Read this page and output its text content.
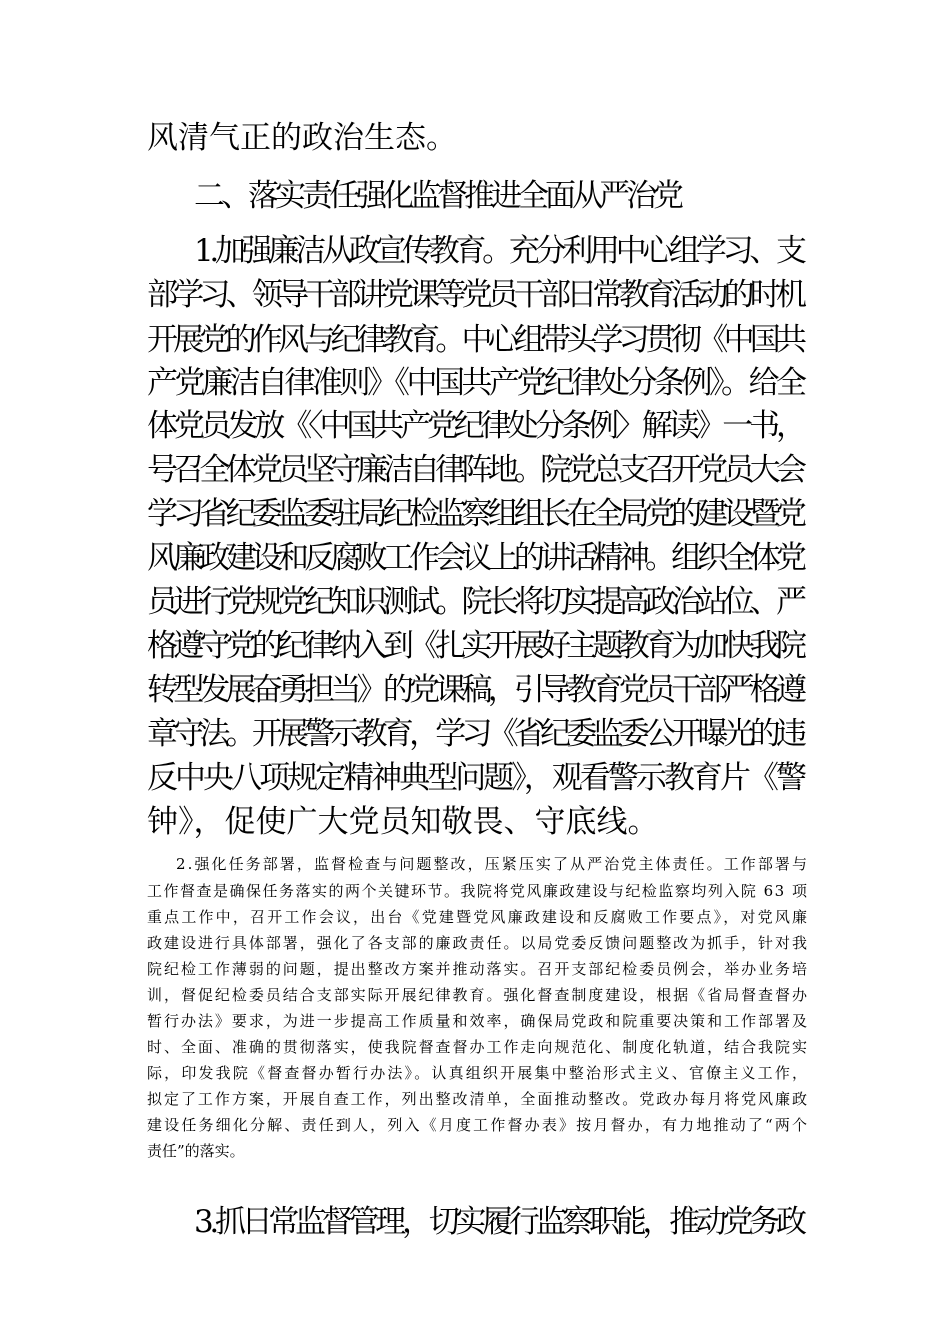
风清气正的政治生态。

二、落实责任强化监督推进全面从严治党

1.加强廉洁从政宣传教育。充分利用中心组学习、支
部学习、领导干部讲党课等党员干部日常教育活动的时机
开展党的作风与纪律教育。中心组带头学习贯彻《中国共
产党廉洁自律准则》《中国共产党纪律处分条例》。给全
体党员发放《〈中国共产党纪律处分条例〉解读》一书，
号召全体党员坚守廉洁自律阵地。院党总支召开党员大会
学习省纪委监委驻局纪检监察组组长在全局党的建设暨党
风廉政建设和反腐败工作会议上的讲话精神。组织全体党
员进行党规党纪知识测试。院长将切实提高政治站位、严
格遵守党的纪律纳入到《扎实开展好主题教育为加快我院
转型发展奋勇担当》的党课稿，引导教育党员干部严格遵
章守法。开展警示教育，学习《省纪委监委公开曝光的违
反中央八项规定精神典型问题》，观看警示教育片《警
钟》，促使广大党员知敬畏、守底线。
2.强化任务部署，监督检查与问题整改，压紧压实了从严治党主体责任。工作部署与
工作督查是确保任务落实的两个关键环节。我院将党风廉政建设与纪检监察均列入院 63 项
重点工作中，召开工作会议，出台《党建暨党风廉政建设和反腐败工作要点》，对党风廉
政建设进行具体部署，强化了各支部的廉政责任。以局党委反馈问题整改为抓手，针对我
院纪检工作薄弱的问题，提出整改方案并推动落实。召开支部纪检委员例会，举办业务培
训，督促纪检委员结合支部实际开展纪律教育。强化督查制度建设，根据《省局督查督办
暂行办法》要求，为进一步提高工作质量和效率，确保局党政和院重要决策和工作部署及
时、全面、准确的贯彻落实，使我院督查督办工作走向规范化、制度化轨道，结合我院实
际，印发我院《督查督办暂行办法》。认真组织开展集中整治形式主义、官僚主义工作，
拟定了工作方案，开展自查工作，列出整改清单，全面推动整改。党政办每月将党风廉政
建设任务细化分解、责任到人，列入《月度工作督办表》按月督办，有力地推动了“两个
责任”的落实。

3.抓日常监督管理，切实履行监察职能，推动党务政
